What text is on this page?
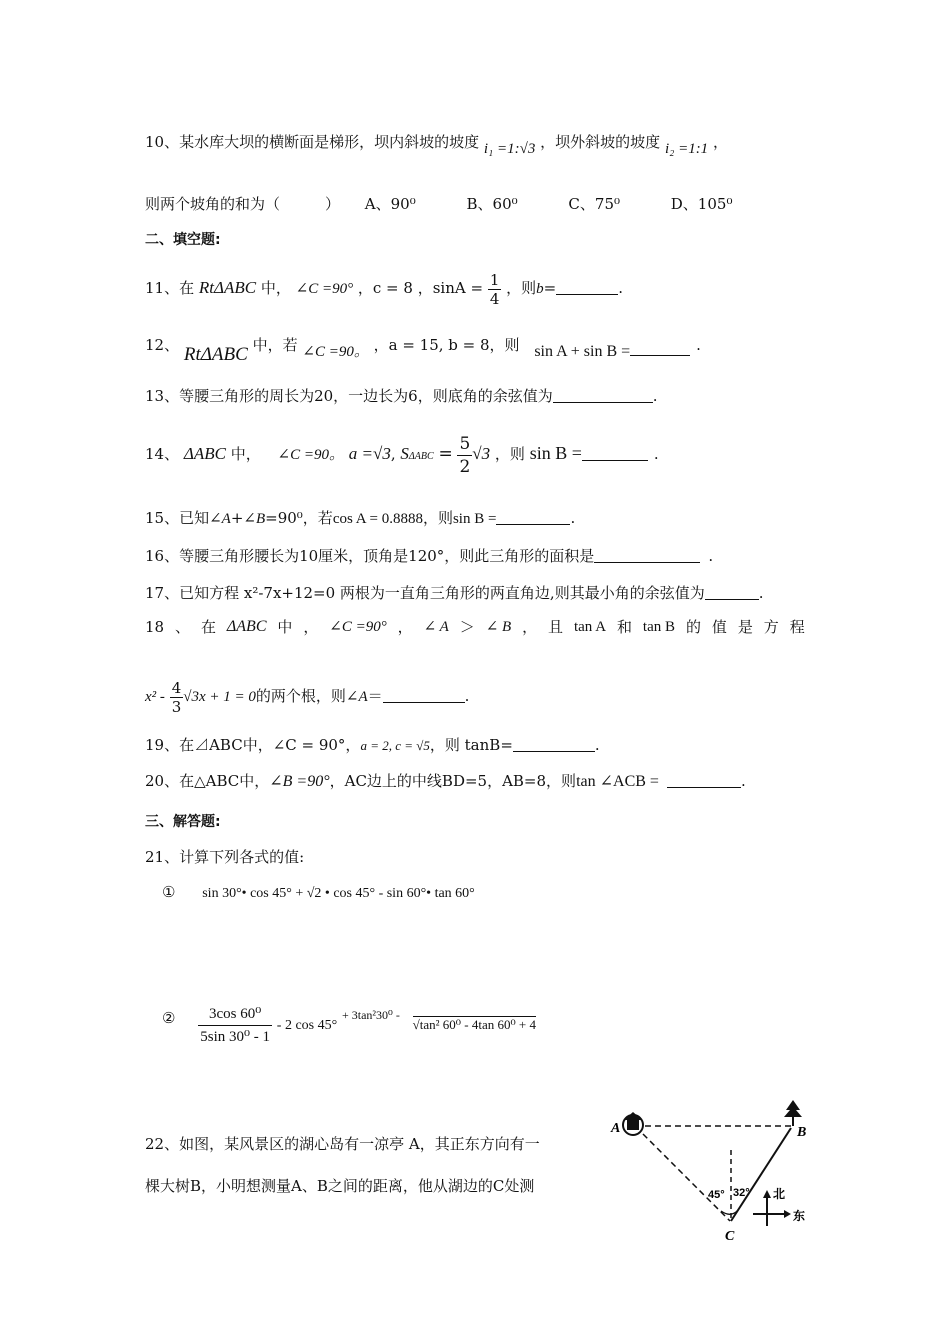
10、某水库大坝的横断面是梯形，坝内斜坡的坡度 i₁ =1:√3 ，坝外斜坡的坡度 i₂ =1:1 ，
则两个坡角的和为（　　　） A、90⁰	B、60⁰	C、75⁰	D、105⁰
二、填空题:
11、在 RtΔABC 中， ∠C =90° ，c = 8 ，$\sin A = \frac{1}{4}$ ，则b=	.
12、 RtΔABC 中，若 ∠C =90。 ，a = 15, b = 8，则 sin A + sin B =	.
13、等腰三角形的周长为20，一边长为6，则底角的余弦值为	.
14、 ΔABC 中， ∠C =90。 a =√3, $S\Delta ABC = \frac{5}{2} √3$ ，则 sin B =	.
15、已知∠A+∠B=90⁰，若cos A = 0.8888，则sin B =	.
16、等腰三角形腰长为10厘米，顶角是120°，则此三角形的面积是	.
17、已知方程 x²-7x+12=0 两根为一直角三角形的两直角边,则其最小角的余弦值为	.
18 、 在 ΔABC 中 ， ∠C =90° ， ∠ A ＞ ∠ B ， 且 tan A 和 tan B 的 值 是 方 程
$x^2 - \frac{4}{3} √3x + 1 = 0$的两个根，则∠A＝	.
19、在⊿ABC中，∠C = 90°，a = 2, c = √5，则 tanB=	.
20、在△ABC中，∠B =90°，AC边上的中线BD=5，AB=8，则tan ∠ACB =	.
三、解答题:
21、计算下列各式的值:
① sin 30°• cos 45° + √2 • cos 45° - sin 60°• tan 60°
② $\frac{\text{3cos 60⁰}}{\text{5sin 30⁰ - 1}} - 2$ cos 45° $^{+ 3tan^230^0 -}$ √tan² 60⁰ - 4tan 60⁰ + 4
22、如图，某风景区的湖心岛有一凉亭 A，其正东方向有一
棵大树B，小明想测量A、B之间的距离，他从湖边的C处测
A	B
C
45° 32° 北
东
